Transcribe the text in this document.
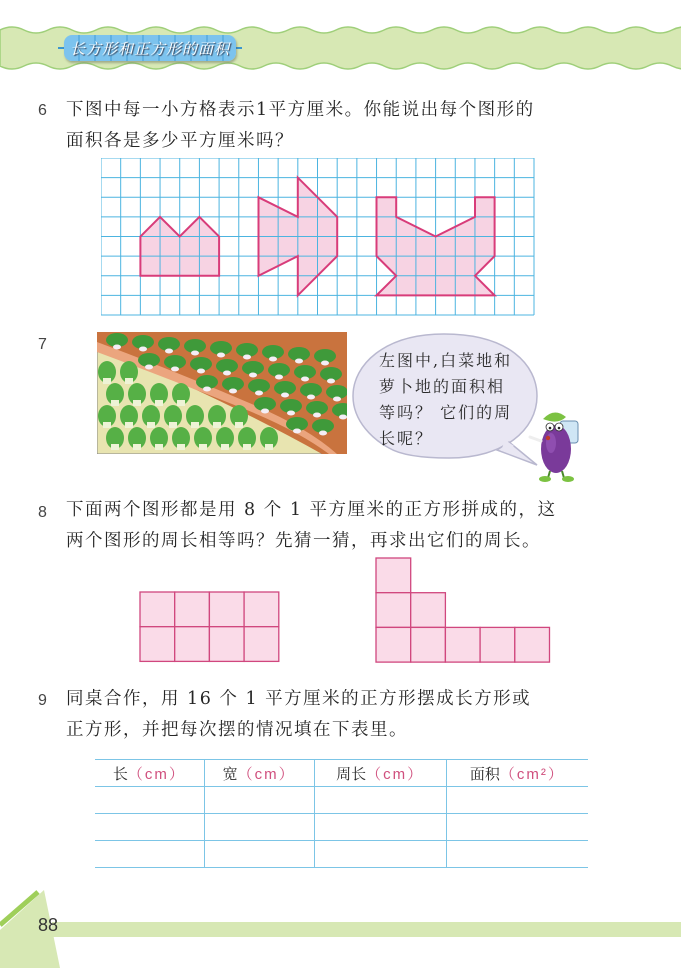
长方形和正方形的面积
6 下图中每一小方格表示1平方厘米。你能说出每个图形的
面积各是多少平方厘米吗？
7
左图中,白菜地和
萝卜地的面积相
等吗？ 它们的周
长呢？
8 下面两个图形都是用 8 个 1 平方厘米的正方形拼成的，这
两个图形的周长相等吗？先猜一猜，再求出它们的周长。
9 同桌合作，用 16 个 1 平方厘米的正方形摆成长方形或
正方形，并把每次摆的情况填在下表里。
长（cm）	宽（cm）	周长（cm）	面积（cm²）

88
